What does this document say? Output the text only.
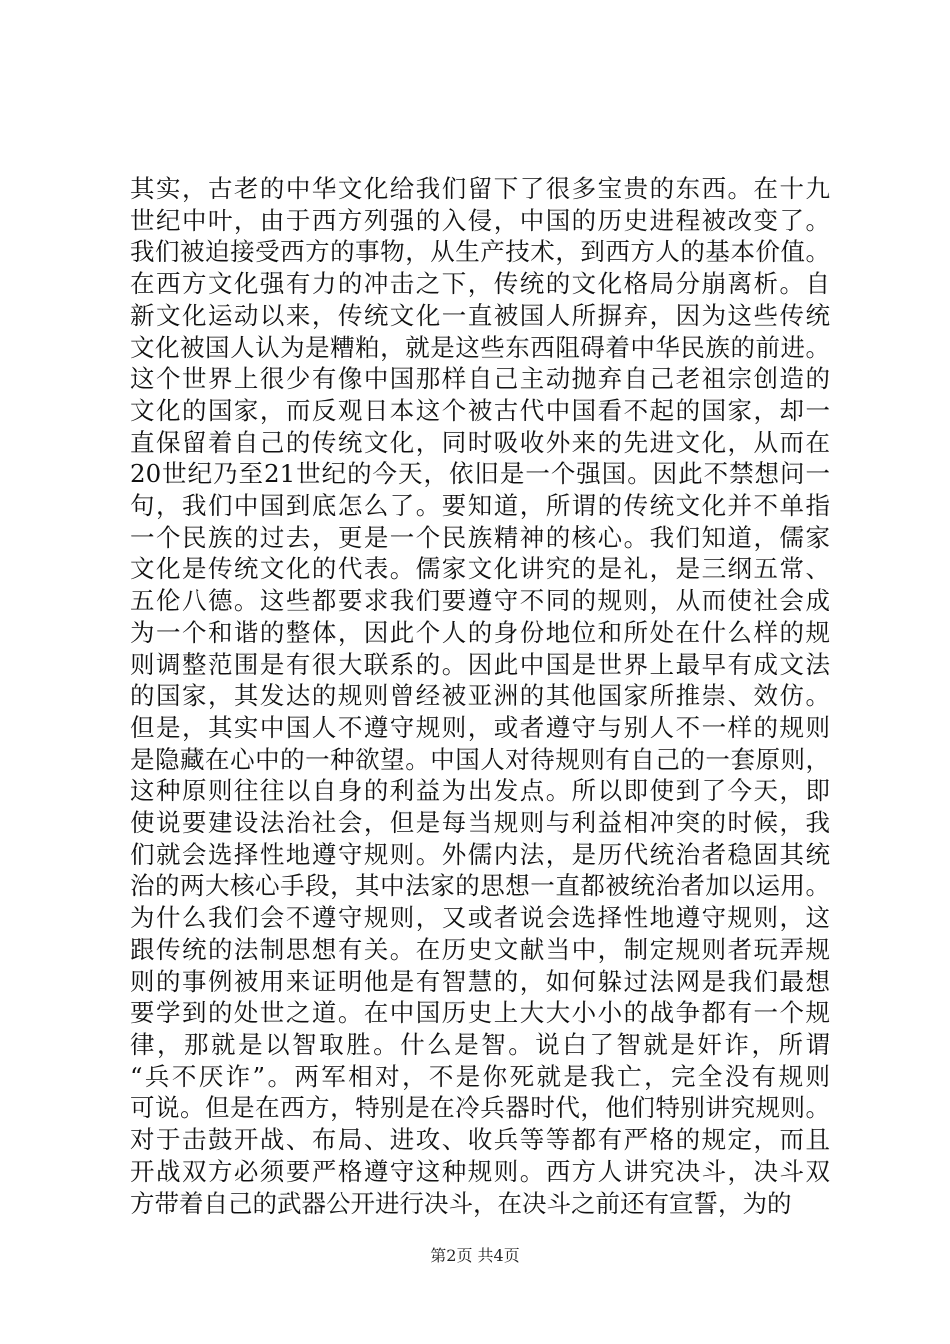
其实，古老的中华文化给我们留下了很多宝贵的东西。在十九
世纪中叶，由于西方列强的入侵，中国的历史进程被改变了。
我们被迫接受西方的事物，从生产技术，到西方人的基本价值。
在西方文化强有力的冲击之下，传统的文化格局分崩离析。自
新文化运动以来，传统文化一直被国人所摒弃，因为这些传统
文化被国人认为是糟粕，就是这些东西阻碍着中华民族的前进。
这个世界上很少有像中国那样自己主动抛弃自己老祖宗创造的
文化的国家，而反观日本这个被古代中国看不起的国家，却一
直保留着自己的传统文化，同时吸收外来的先进文化，从而在
20世纪乃至21世纪的今天，依旧是一个强国。因此不禁想问一
句，我们中国到底怎么了。要知道，所谓的传统文化并不单指
一个民族的过去，更是一个民族精神的核心。我们知道，儒家
文化是传统文化的代表。儒家文化讲究的是礼，是三纲五常、
五伦八德。这些都要求我们要遵守不同的规则，从而使社会成
为一个和谐的整体，因此个人的身份地位和所处在什么样的规
则调整范围是有很大联系的。因此中国是世界上最早有成文法
的国家，其发达的规则曾经被亚洲的其他国家所推崇、效仿。
但是，其实中国人不遵守规则，或者遵守与别人不一样的规则
是隐藏在心中的一种欲望。中国人对待规则有自己的一套原则，
这种原则往往以自身的利益为出发点。所以即使到了今天，即
使说要建设法治社会，但是每当规则与利益相冲突的时候，我
们就会选择性地遵守规则。外儒内法，是历代统治者稳固其统
治的两大核心手段，其中法家的思想一直都被统治者加以运用。
为什么我们会不遵守规则，又或者说会选择性地遵守规则，这
跟传统的法制思想有关。在历史文献当中，制定规则者玩弄规
则的事例被用来证明他是有智慧的，如何躲过法网是我们最想
要学到的处世之道。在中国历史上大大小小的战争都有一个规
律，那就是以智取胜。什么是智。说白了智就是奸诈，所谓
“兵不厌诈”。两军相对，不是你死就是我亡，完全没有规则
可说。但是在西方，特别是在冷兵器时代，他们特别讲究规则。
对于击鼓开战、布局、进攻、收兵等等都有严格的规定，而且
开战双方必须要严格遵守这种规则。西方人讲究决斗，决斗双
方带着自己的武器公开进行决斗，在决斗之前还有宣誓，为的
第2页 共4页
